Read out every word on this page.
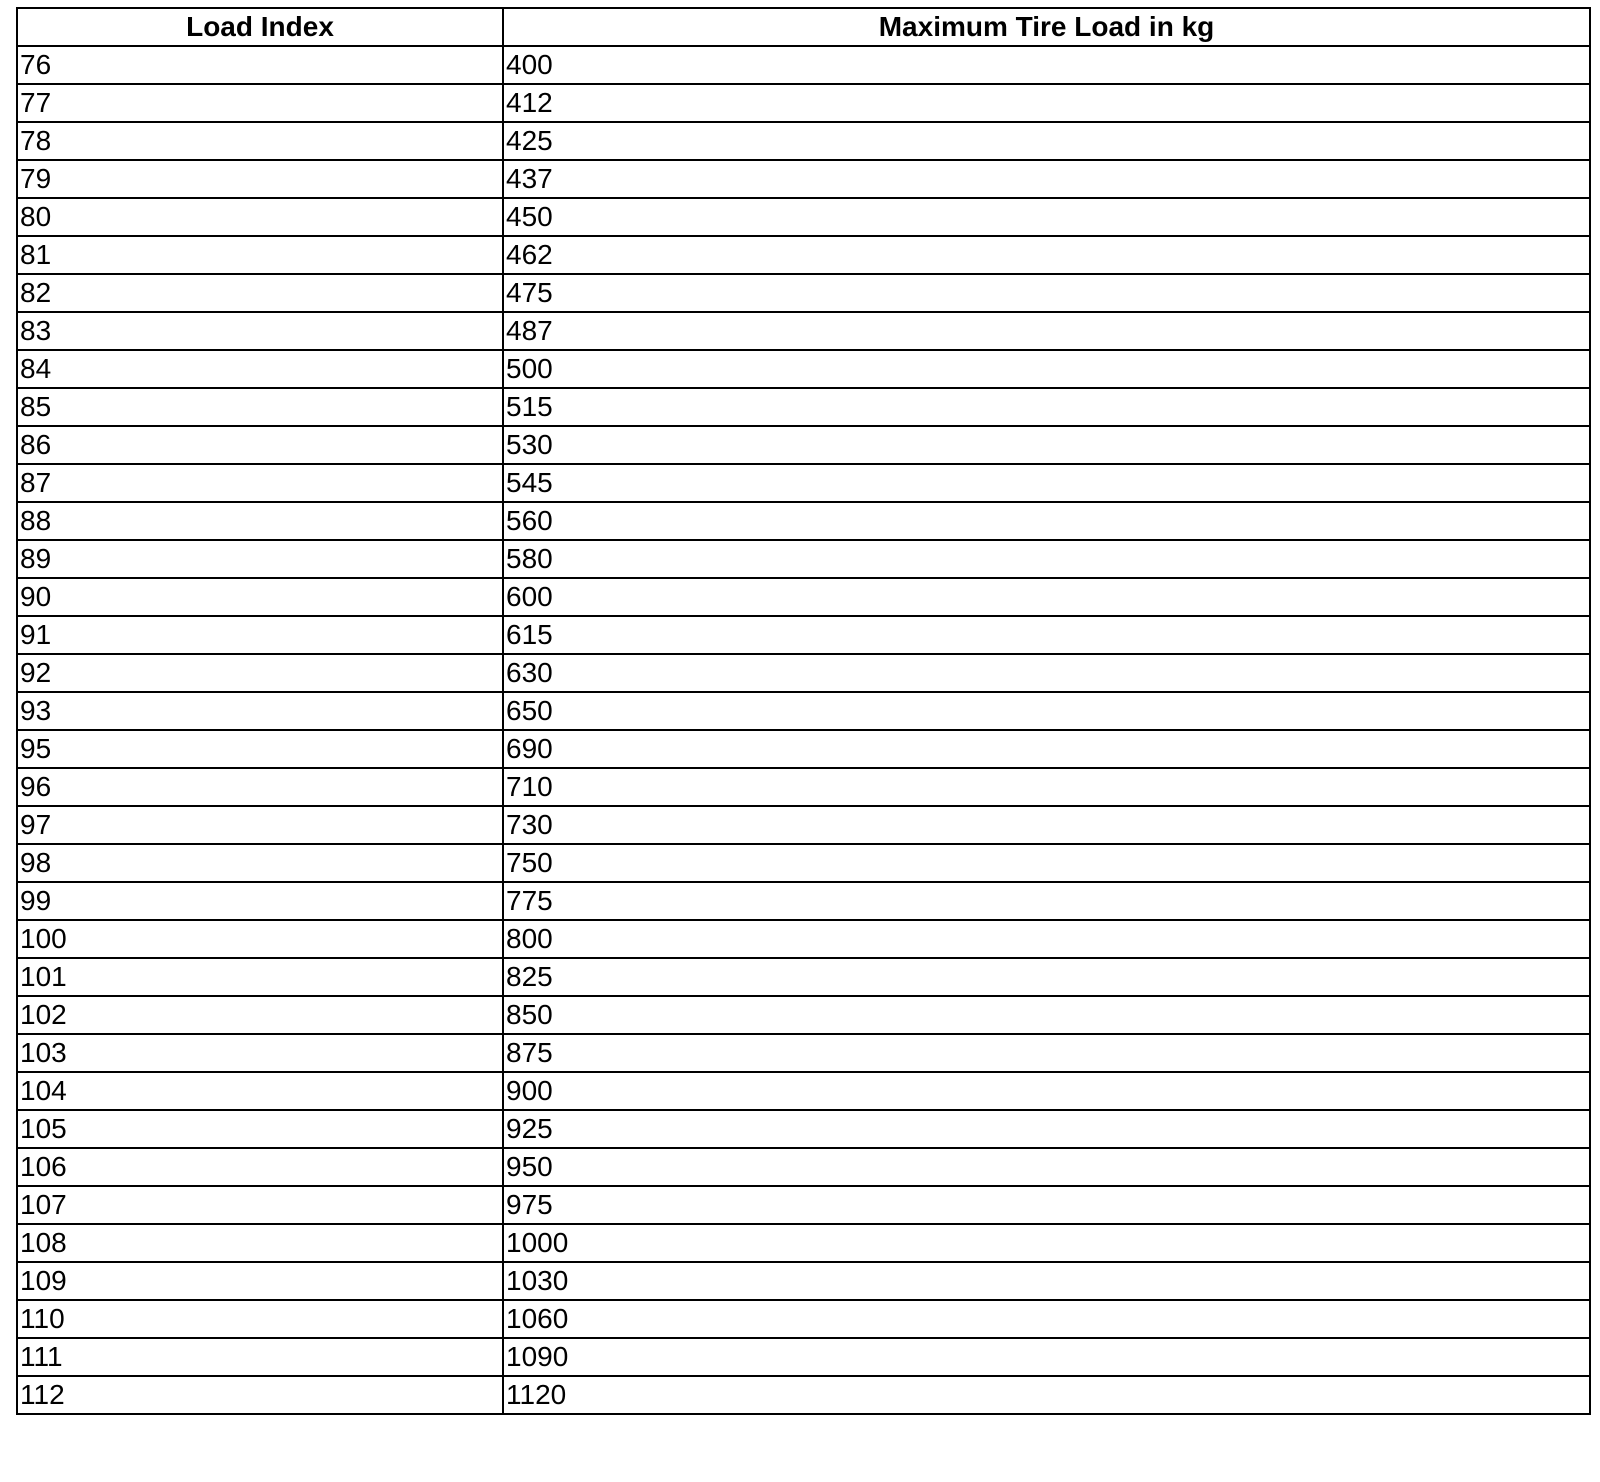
Load Index	Maximum Tire Load in kg
76	400
77	412
78	425
79	437
80	450
81	462
82	475
83	487
84	500
85	515
86	530
87	545
88	560
89	580
90	600
91	615
92	630
93	650
95	690
96	710
97	730
98	750
99	775
100	800
101	825
102	850
103	875
104	900
105	925
106	950
107	975
108	1000
109	1030
110	1060
111	1090
112	1120
